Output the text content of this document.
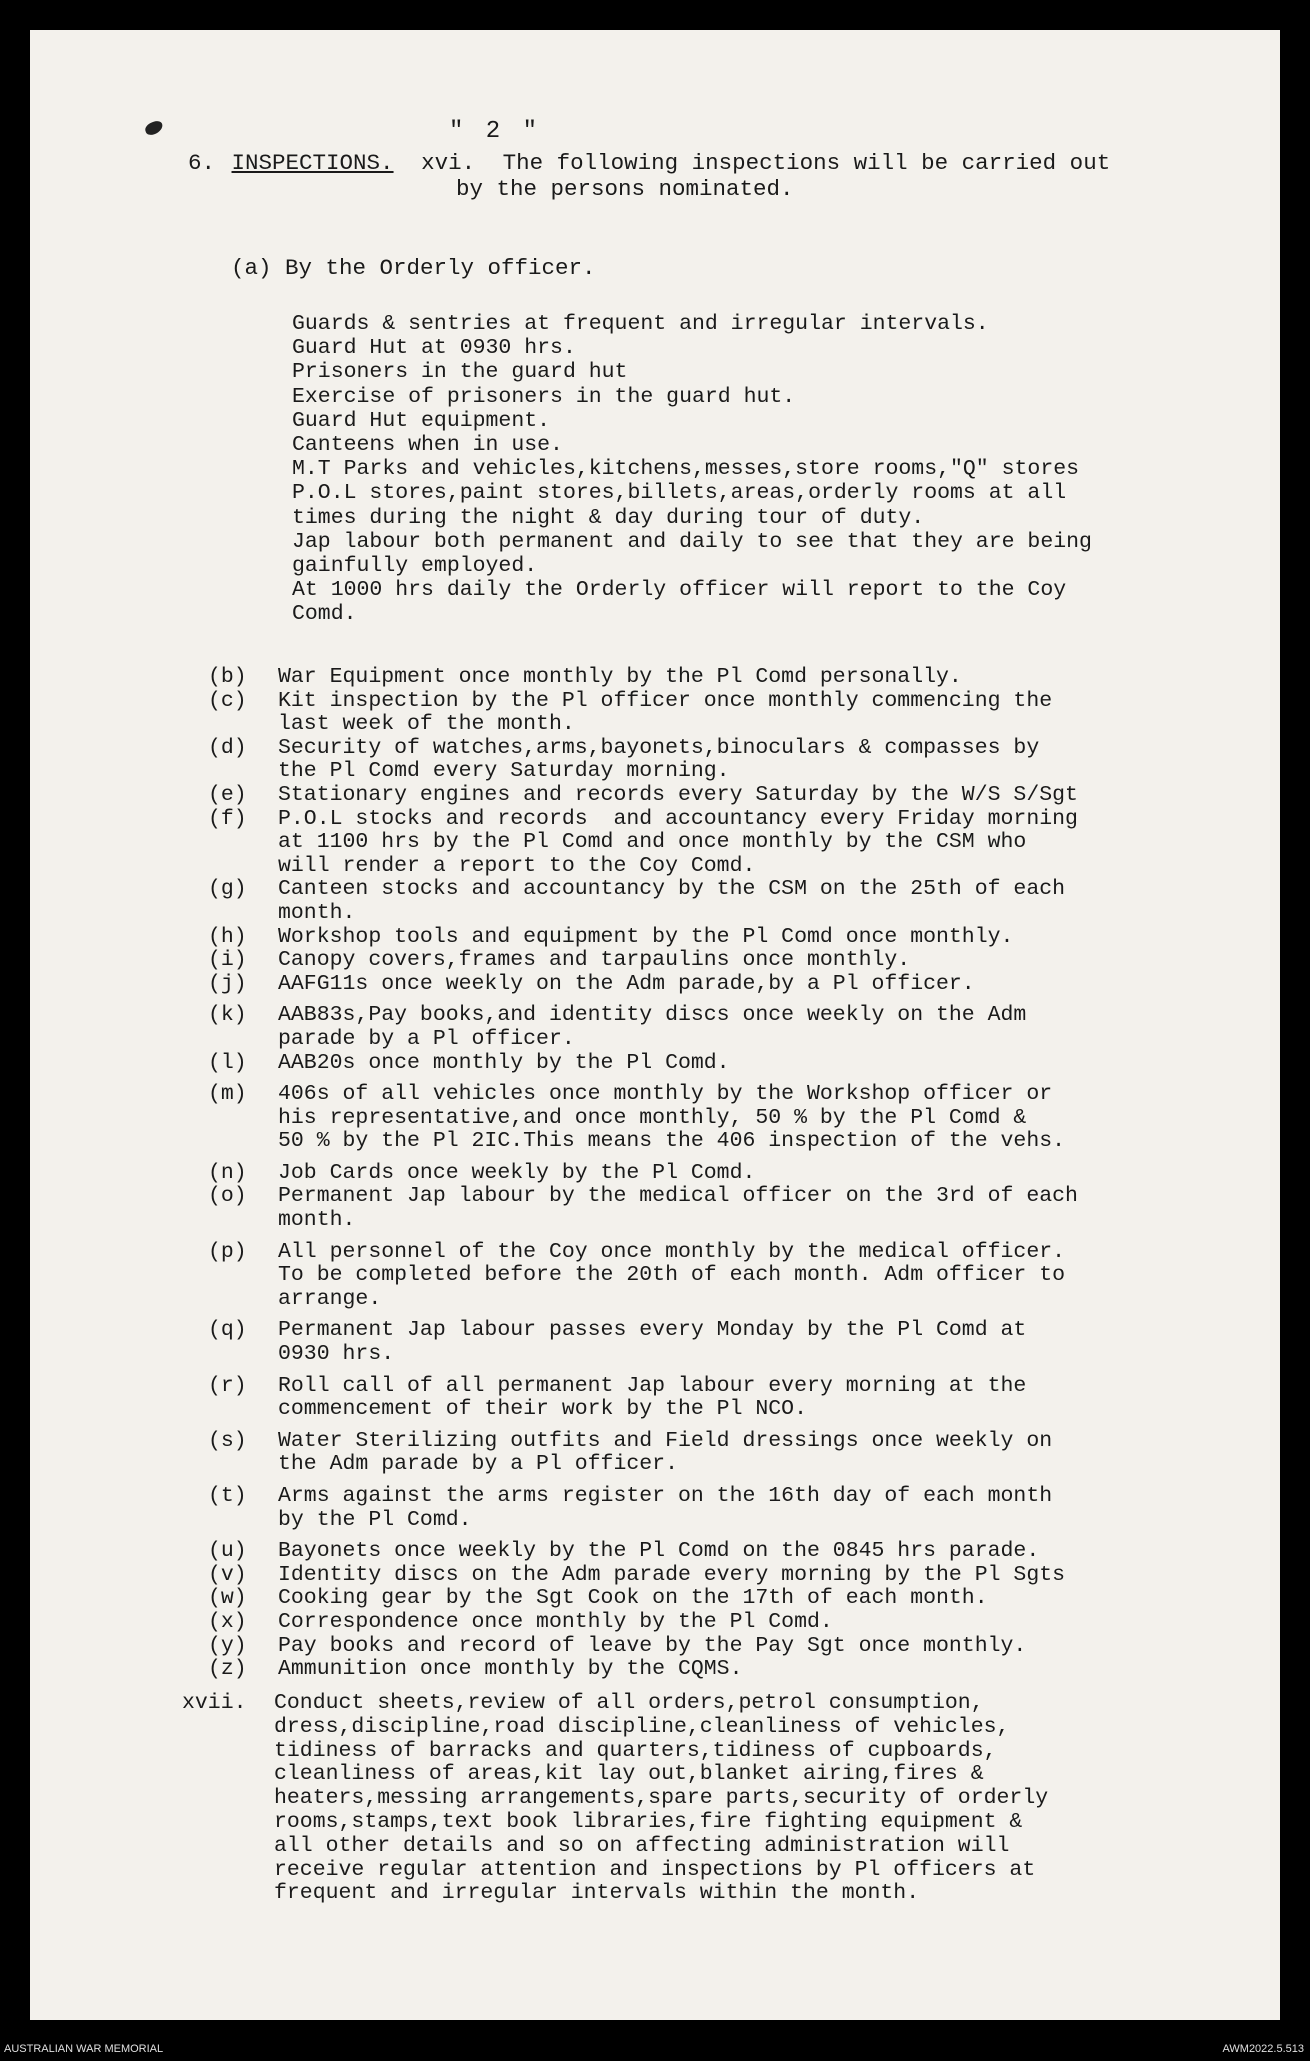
" 2 "
6. INSPECTIONS. xvi. The following inspections will be carried out
by the persons nominated.
(a) By the Orderly officer.
Guards & sentries at frequent and irregular intervals.
Guard Hut at 0930 hrs.
Prisoners in the guard hut
Exercise of prisoners in the guard hut.
Guard Hut equipment.
Canteens when in use.
M.T Parks and vehicles,kitchens,messes,store rooms,"Q" stores
P.O.L stores,paint stores,billets,areas,orderly rooms at all
times during the night & day during tour of duty.
Jap labour both permanent and daily to see that they are being
gainfully employed.
At 1000 hrs daily the Orderly officer will report to the Coy
Comd.
(b)	War Equipment once monthly by the Pl Comd personally.
(c)	Kit inspection by the Pl officer once monthly commencing the
last week of the month.
(d)	Security of watches,arms,bayonets,binoculars & compasses by
the Pl Comd every Saturday morning.
(e)	Stationary engines and records every Saturday by the W/S S/Sgt
(f)	P.O.L stocks and records  and accountancy every Friday morning
at 1100 hrs by the Pl Comd and once monthly by the CSM who
will render a report to the Coy Comd.
(g)	Canteen stocks and accountancy by the CSM on the 25th of each
month.
(h)	Workshop tools and equipment by the Pl Comd once monthly.
(i)	Canopy covers,frames and tarpaulins once monthly.
(j)	AAFG11s once weekly on the Adm parade,by a Pl officer.
(k)	AAB83s,Pay books,and identity discs once weekly on the Adm
parade by a Pl officer.
(l)	AAB20s once monthly by the Pl Comd.
(m)	406s of all vehicles once monthly by the Workshop officer or
his representative,and once monthly, 50 % by the Pl Comd &
50 % by the Pl 2IC.This means the 406 inspection of the vehs.
(n)	Job Cards once weekly by the Pl Comd.
(o)	Permanent Jap labour by the medical officer on the 3rd of each
month.
(p)	All personnel of the Coy once monthly by the medical officer.
To be completed before the 20th of each month. Adm officer to
arrange.
(q)	Permanent Jap labour passes every Monday by the Pl Comd at
0930 hrs.
(r)	Roll call of all permanent Jap labour every morning at the
commencement of their work by the Pl NCO.
(s)	Water Sterilizing outfits and Field dressings once weekly on
the Adm parade by a Pl officer.
(t)	Arms against the arms register on the 16th day of each month
by the Pl Comd.
(u)	Bayonets once weekly by the Pl Comd on the 0845 hrs parade.
(v)	Identity discs on the Adm parade every morning by the Pl Sgts
(w)	Cooking gear by the Sgt Cook on the 17th of each month.
(x)	Correspondence once monthly by the Pl Comd.
(y)	Pay books and record of leave by the Pay Sgt once monthly.
(z)	Ammunition once monthly by the CQMS.
xvii.	Conduct sheets,review of all orders,petrol consumption,
dress,discipline,road discipline,cleanliness of vehicles,
tidiness of barracks and quarters,tidiness of cupboards,
cleanliness of areas,kit lay out,blanket airing,fires &
heaters,messing arrangements,spare parts,security of orderly
rooms,stamps,text book libraries,fire fighting equipment &
all other details and so on affecting administration will
receive regular attention and inspections by Pl officers at
frequent and irregular intervals within the month.
AUSTRALIAN WAR MEMORIAL	AWM2022.5.513
